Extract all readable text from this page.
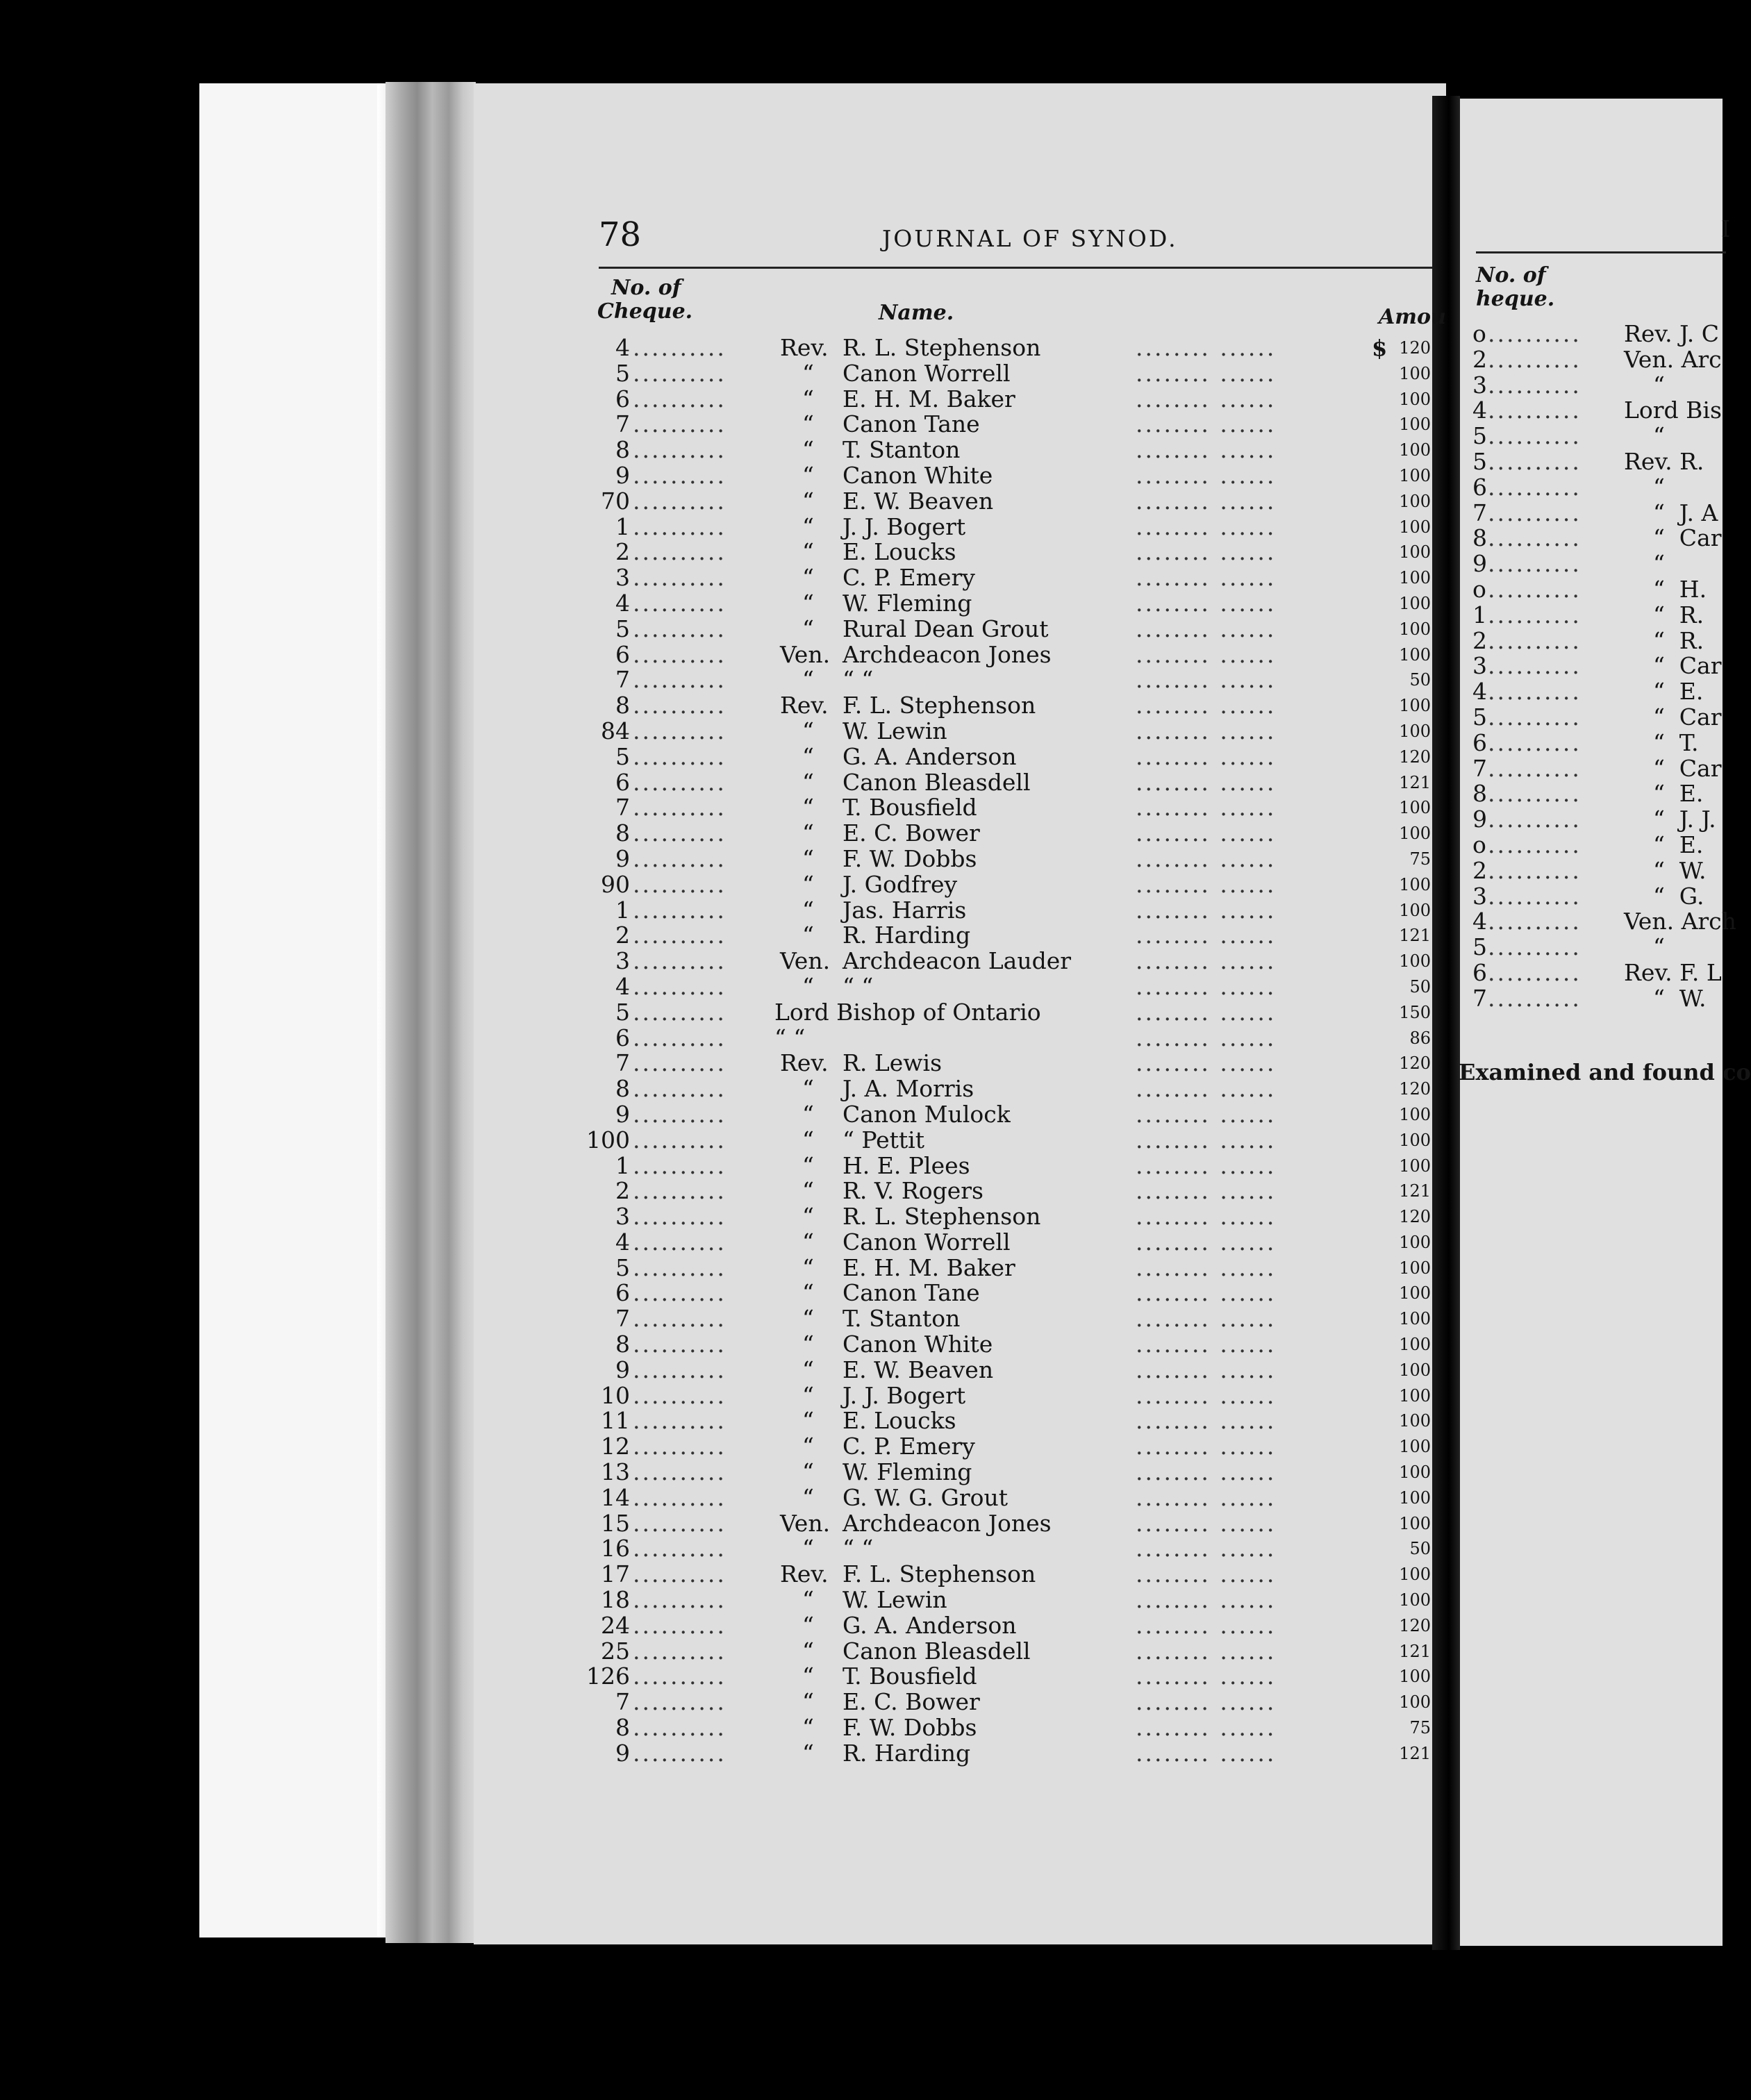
78	JOURNAL OF SYNOD.
No. of
Cheque.	Name.	Amou
4 .......... Rev. R. L. Stephenson	........ ......	$ 120
5 ..........	“ Canon Worrell	........ ......	100
6 ..........	“ E. H. M. Baker	........ ......	100
7 ..........	“ Canon Tane	........ ......	100
8 ..........	“ T. Stanton	........ ......	100
9 ..........	“ Canon White	........ ......	100
70 ..........	“ E. W. Beaven	........ ......	100
1 ..........	“ J. J. Bogert	........ ......	100
2 ..........	“ E. Loucks	........ ......	100
3 ..........	“ C. P. Emery	........ ......	100
4 ..........	“ W. Fleming	........ ......	100
5 ..........	“ Rural Dean Grout	........ ......	100
6 .......... Ven. Archdeacon Jones	........ ......	100
7 ..........	“ “ “	........ ......	50
8 .......... Rev. F. L. Stephenson	........ ......	100
84 ..........	“ W. Lewin	........ ......	100
5 ..........	“ G. A. Anderson	........ ......	120
6 ..........	“ Canon Bleasdell	........ ......	121
7 ..........	“ T. Bousfield	........ ......	100
8 ..........	“ E. C. Bower	........ ......	100
9 ..........	“ F. W. Dobbs	........ ......	75
90 ..........	“ J. Godfrey	........ ......	100
1 ..........	“ Jas. Harris	........ ......	100
2 ..........	“ R. Harding	........ ......	121
3 .......... Ven. Archdeacon Lauder	........ ......	100
4 ..........	“ “ “	........ ......	50
5 .......... Lord Bishop of Ontario	........ ......	150
6 .......... “ “	........ ......	86
7 .......... Rev. R. Lewis	........ ......	120
8 ..........	“ J. A. Morris	........ ......	120
9 ..........	“ Canon Mulock	........ ......	100
100 ..........	“ “ Pettit	........ ......	100
1 ..........	“ H. E. Plees	........ ......	100
2 ..........	“ R. V. Rogers	........ ......	121
3 ..........	“ R. L. Stephenson	........ ......	120
4 ..........	“ Canon Worrell	........ ......	100
5 ..........	“ E. H. M. Baker	........ ......	100
6 ..........	“ Canon Tane	........ ......	100
7 ..........	“ T. Stanton	........ ......	100
8 ..........	“ Canon White	........ ......	100
9 ..........	“ E. W. Beaven	........ ......	100
10 ..........	“ J. J. Bogert	........ ......	100
11 ..........	“ E. Loucks	........ ......	100
12 ..........	“ C. P. Emery	........ ......	100
13 ..........	“ W. Fleming	........ ......	100
14 ..........	“ G. W. G. Grout	........ ......	100
15 .......... Ven. Archdeacon Jones	........ ......	100
16 ..........	“ “ “	........ ......	50
17 .......... Rev. F. L. Stephenson	........ ......	100
18 ..........	“ W. Lewin	........ ......	100
24 ..........	“ G. A. Anderson	........ ......	120
25 ..........	“ Canon Bleasdell	........ ......	121
126 ..........	“ T. Bousfield	........ ......	100
7 ..........	“ E. C. Bower	........ ......	100
8 ..........	“ F. W. Dobbs	........ ......	75
9 ..........	“ R. Harding	........ ......	121
I
No. of
heque.
o .......... Rev. J. C
2 .......... Ven. Arc
3 .......... “
4 .......... Lord Bis
5 .......... “
5 .......... Rev. R.
6 .......... “
7 .......... “  J. A
8 .......... “  Car
9 .......... “
o .......... “  H.
1 .......... “  R.
2 .......... “  R.
3 .......... “  Car
4 .......... “  E.
5 .......... “  Car
6 .......... “  T.
7 .......... “  Car
8 .......... “  E.
9 .......... “  J. J.
o .......... “  E.
2 .......... “  W.
3 .......... “  G.
4 .......... Ven. Arch
5 .......... “
6 .......... Rev. F. L
7 .......... “  W.
Examined and found co
